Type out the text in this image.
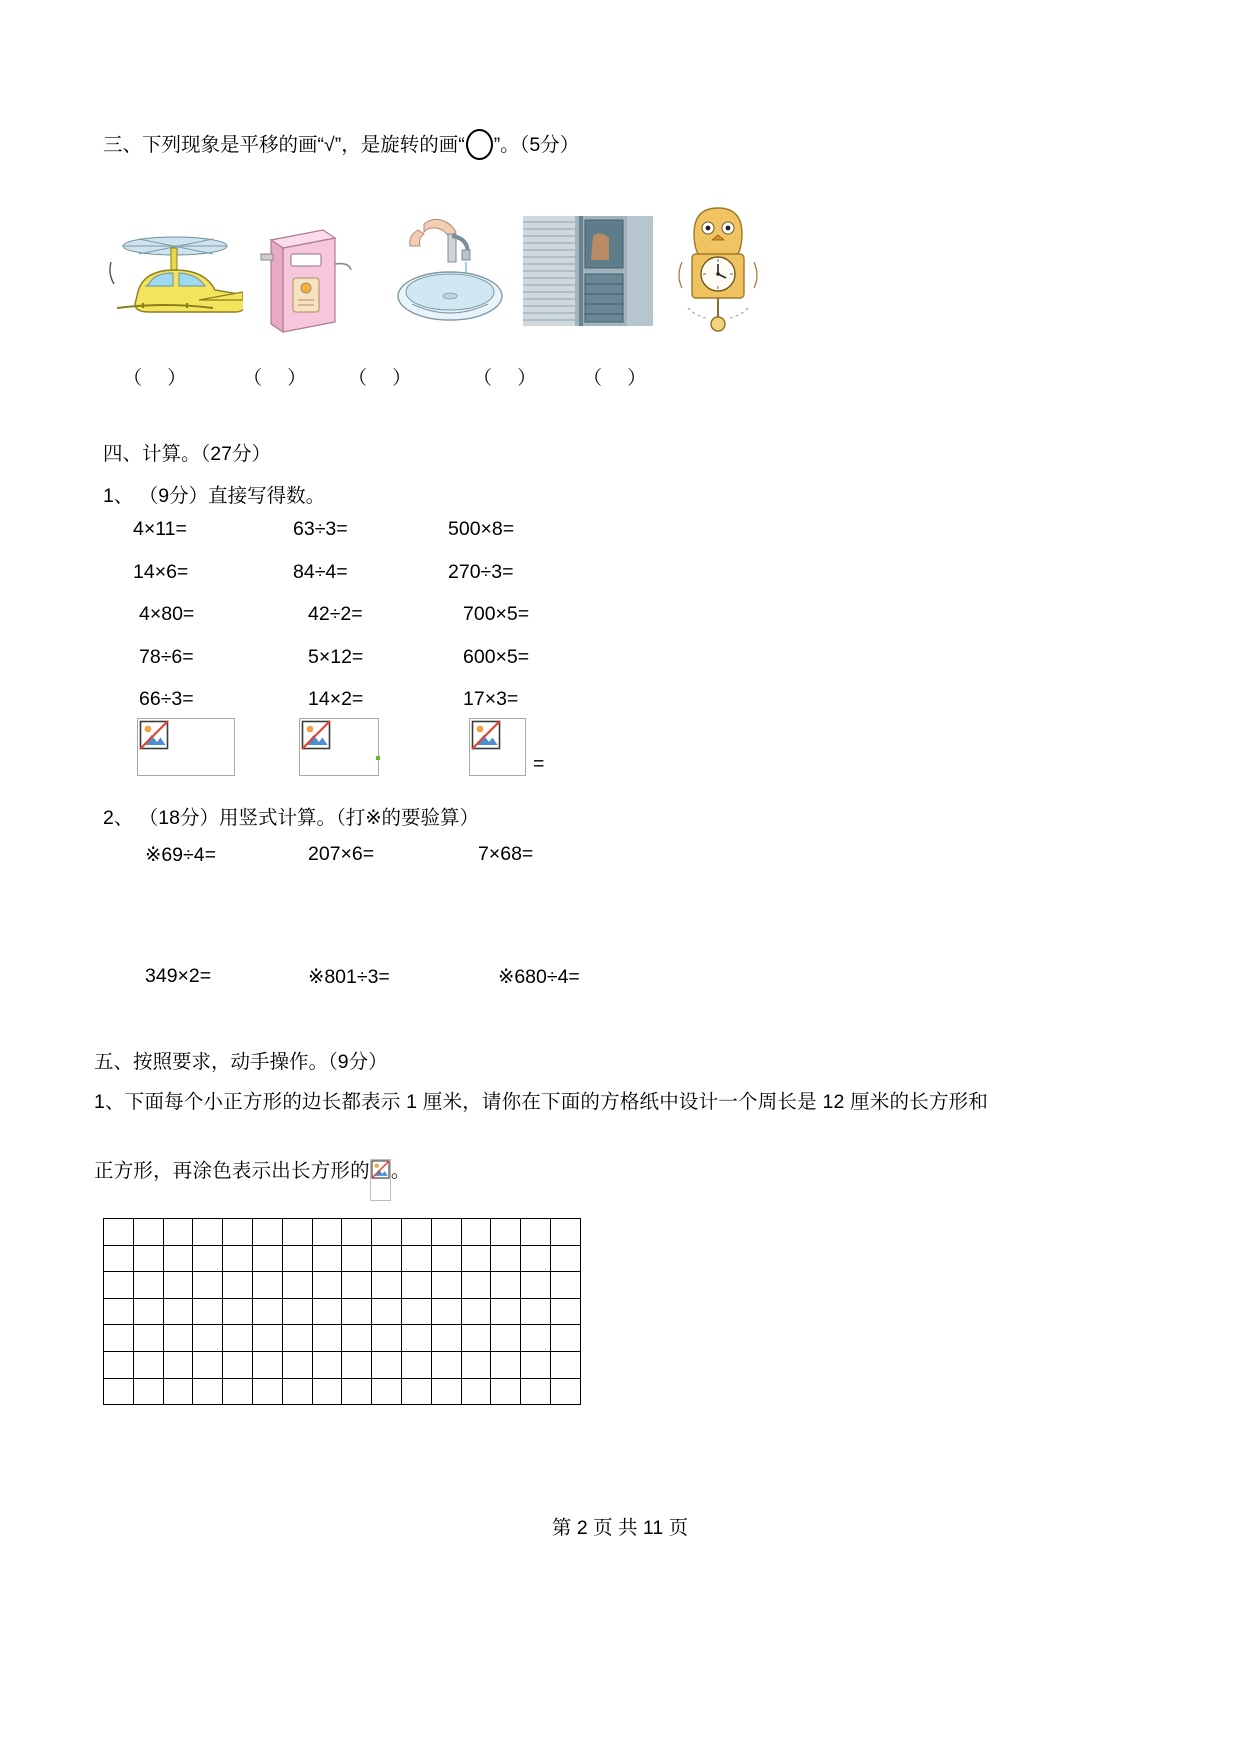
三、下列现象是平移的画“√”，是旋转的画“ ”。（5分）
（ ） （ ） （ ）	（ ） （ ）
四、计算。（27分）
1、 （9分）直接写得数。
4×11=	63÷3=	500×8=
14×6=	84÷4=	270÷3=
4×80=	42÷2=	700×5=
78÷6=	5×12=	600×5=
66÷3=	14×2=	17×3=
=
2、 （18分）用竖式计算。（打※的要验算）
※69÷4=	207×6=	7×68=
349×2=	※801÷3=	※680÷4=
五、按照要求，动手操作。（9分）
1、下面每个小正方形的边长都表示 1 厘米，请你在下面的方格纸中设计一个周长是 12 厘米的长方形和
正方形，再涂色表示出长方形的 。
第 2 页 共 11 页
